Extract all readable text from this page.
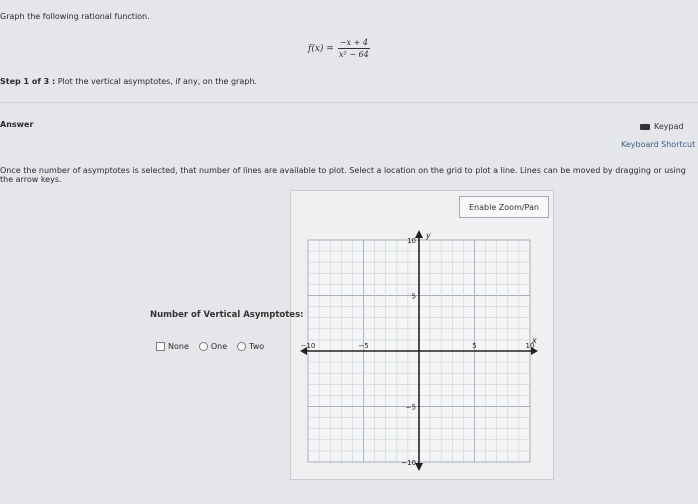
Graph the following rational function.
$f(x) = \frac{-x + 4}{\text{x² − 64}}$
Step 1 of 3 : Plot the vertical asymptotes, if any, on the graph.
Answer	Keypad
Keyboard Shortcut
Once the number of asymptotes is selected, that number of lines are available to plot. Select a location on the grid to plot a line. Lines can be moved by dragging or using
the arrow keys.
Enable Zoom/Pan
Number of Vertical Asymptotes:
None	One	Two
x
y
−10	−5	5	10
10
5
−5
−10
